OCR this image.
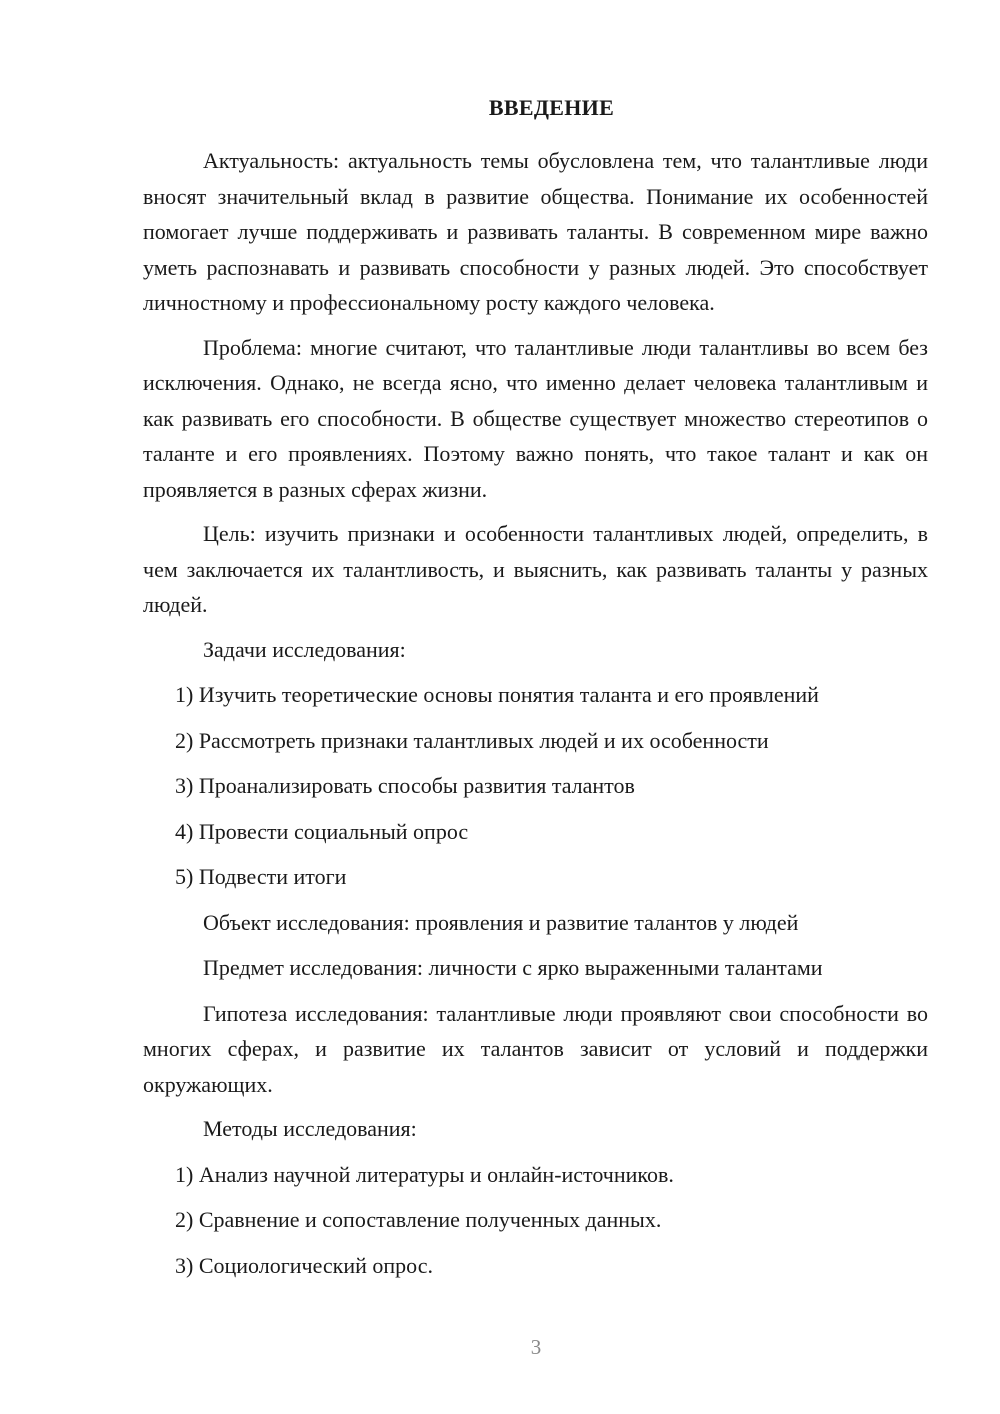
ВВЕДЕНИЕ

Актуальность: актуальность темы обусловлена тем, что талантливые люди вносят значительный вклад в развитие общества. Понимание их особенностей помогает лучше поддерживать и развивать таланты. В современном мире важно уметь распознавать и развивать способности у разных людей. Это способствует личностному и профессиональному росту каждого человека.

Проблема: многие считают, что талантливые люди талантливы во всем без исключения. Однако, не всегда ясно, что именно делает человека талантливым и как развивать его способности. В обществе существует множество стереотипов о таланте и его проявлениях. Поэтому важно понять, что такое талант и как он проявляется в разных сферах жизни.

Цель: изучить признаки и особенности талантливых людей, определить, в чем заключается их талантливость, и выяснить, как развивать таланты у разных людей.

Задачи исследования:
1) Изучить теоретические основы понятия таланта и его проявлений
2) Рассмотреть признаки талантливых людей и их особенности
3) Проанализировать способы развития талантов
4) Провести социальный опрос
5) Подвести итоги
Объект исследования: проявления и развитие талантов у людей
Предмет исследования: личности с ярко выраженными талантами

Гипотеза исследования: талантливые люди проявляют свои способности во многих сферах, и развитие их талантов зависит от условий и поддержки окружающих.

Методы исследования:
1) Анализ научной литературы и онлайн-источников.
2) Сравнение и сопоставление полученных данных.
3) Социологический опрос.
3
